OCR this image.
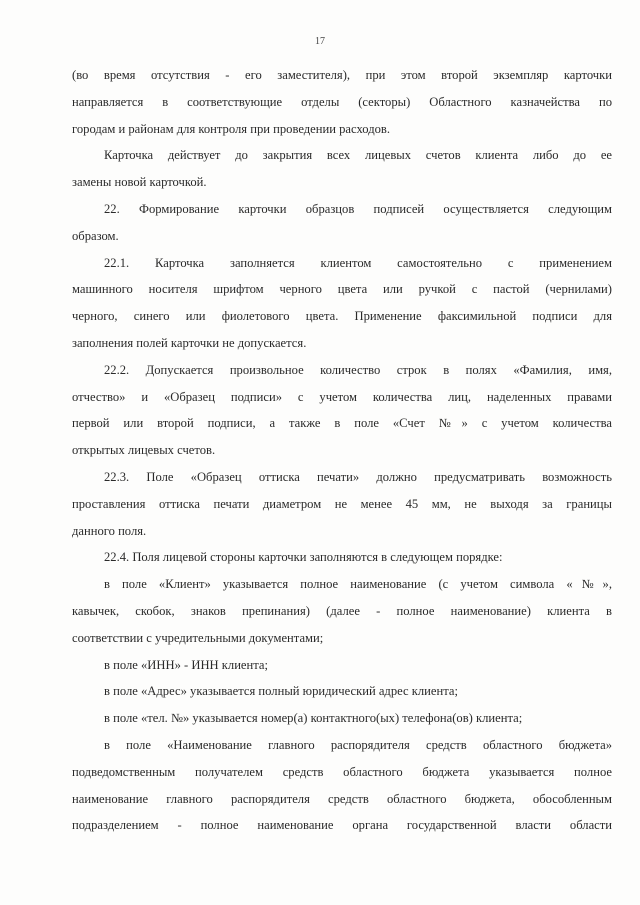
17
(во время отсутствия - его заместителя), при этом второй экземпляр карточки
направляется в соответствующие отделы (секторы) Областного казначейства по
городам и районам для контроля при проведении расходов.
Карточка действует до закрытия всех лицевых счетов клиента либо до ее
замены новой карточкой.
22. Формирование карточки образцов подписей осуществляется следующим
образом.
22.1. Карточка заполняется клиентом самостоятельно с применением
машинного носителя шрифтом черного цвета или ручкой с пастой (чернилами)
черного, синего или фиолетового цвета. Применение факсимильной подписи для
заполнения полей карточки не допускается.
22.2. Допускается произвольное количество строк в полях «Фамилия, имя,
отчество» и «Образец подписи» с учетом количества лиц, наделенных правами
первой или второй подписи, а также в поле «Счет №» с учетом количества
открытых лицевых счетов.
22.3. Поле «Образец оттиска печати» должно предусматривать возможность
проставления оттиска печати диаметром не менее 45 мм, не выходя за границы
данного поля.
22.4. Поля лицевой стороны карточки заполняются в следующем порядке:
в поле «Клиент» указывается полное наименование (с учетом символа «№»,
кавычек, скобок, знаков препинания) (далее - полное наименование) клиента в
соответствии с учредительными документами;
в поле «ИНН» - ИНН клиента;
в поле «Адрес» указывается полный юридический адрес клиента;
в поле «тел. №» указывается номер(а) контактного(ых) телефона(ов) клиента;
в поле «Наименование главного распорядителя средств областного бюджета»
подведомственным получателем средств областного бюджета указывается полное
наименование главного распорядителя средств областного бюджета, обособленным
подразделением - полное наименование органа государственной власти области
